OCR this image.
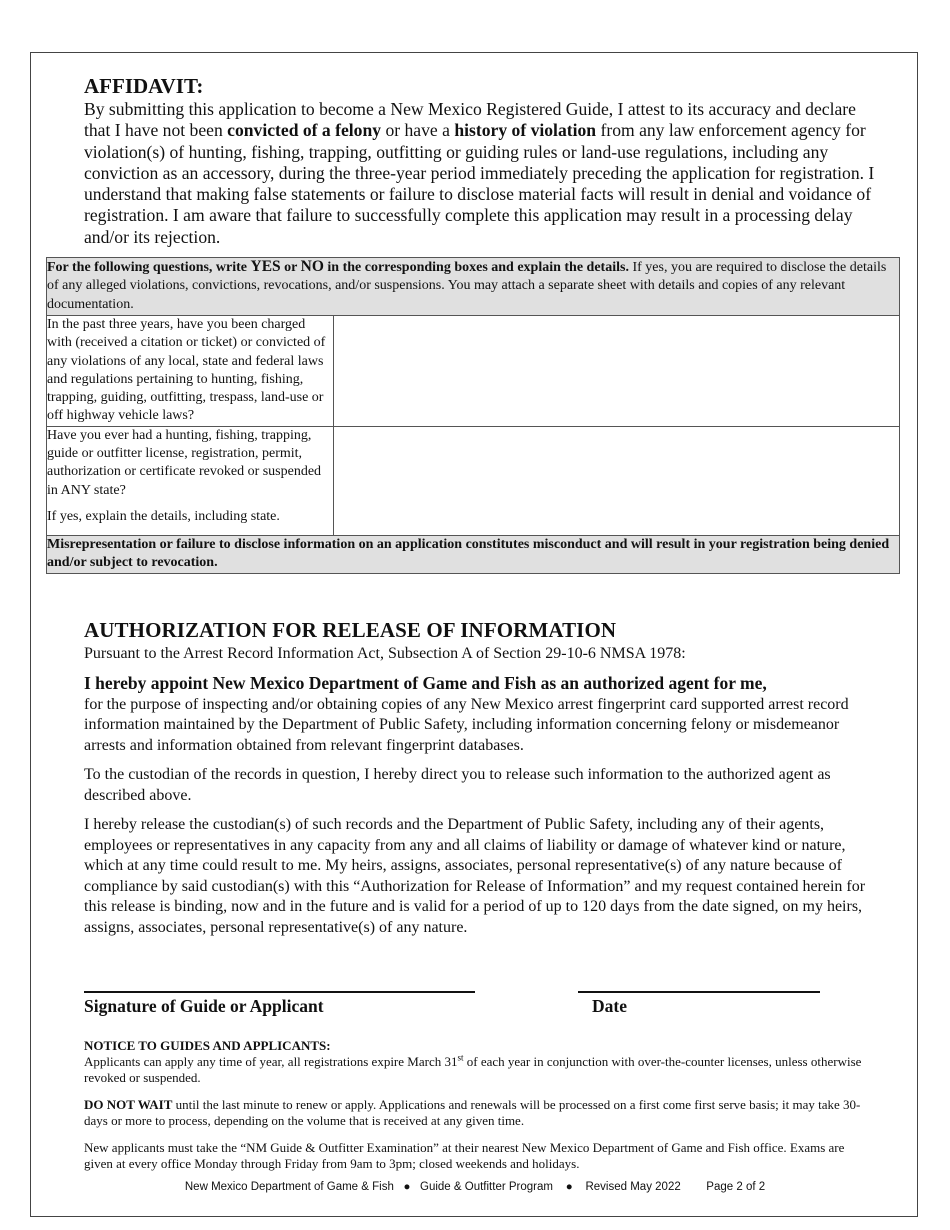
AFFIDAVIT:

By submitting this application to become a New Mexico Registered Guide, I attest to its accuracy and declare that I have not been convicted of a felony or have a history of violation from any law enforcement agency for violation(s) of hunting, fishing, trapping, outfitting or guiding rules or land-use regulations, including any conviction as an accessory, during the three-year period immediately preceding the application for registration. I understand that making false statements or failure to disclose material facts will result in denial and voidance of registration. I am aware that failure to successfully complete this application may result in a processing delay and/or its rejection.

For the following questions, write YES or NO in the corresponding boxes and explain the details. If yes, you are required to disclose the details of any alleged violations, convictions, revocations, and/or suspensions. You may attach a separate sheet with details and copies of any relevant documentation.	
In the past three years, have you been charged with (received a citation or ticket) or convicted of any violations of any local, state and federal laws and regulations pertaining to hunting, fishing, trapping, guiding, outfitting, trespass, land-use or off highway vehicle laws?	
Have you ever had a hunting, fishing, trapping, guide or outfitter license, registration, permit, authorization or certificate revoked or suspended in ANY state?
If yes, explain the details, including state.	

Misrepresentation or failure to disclose information on an application constitutes misconduct and will result in your registration being denied and/or subject to revocation.	
AUTHORIZATION FOR RELEASE OF INFORMATION

Pursuant to the Arrest Record Information Act, Subsection A of Section 29-10-6 NMSA 1978:

I hereby appoint New Mexico Department of Game and Fish as an authorized agent for me,
for the purpose of inspecting and/or obtaining copies of any New Mexico arrest fingerprint card supported arrest record information maintained by the Department of Public Safety, including information concerning felony or misdemeanor arrests and information obtained from relevant fingerprint databases.

To the custodian of the records in question, I hereby direct you to release such information to the authorized agent as described above.

I hereby release the custodian(s) of such records and the Department of Public Safety, including any of their agents, employees or representatives in any capacity from any and all claims of liability or damage of whatever kind or nature, which at any time could result to me. My heirs, assigns, associates, personal representative(s) of any nature because of compliance by said custodian(s) with this “Authorization for Release of Information” and my request contained herein for this release is binding, now and in the future and is valid for a period of up to 120 days from the date signed, on my heirs, assigns, associates, personal representative(s) of any nature.

Signature of Guide or Applicant	Date

NOTICE TO GUIDES AND APPLICANTS:

Applicants can apply any time of year, all registrations expire March 31st of each year in conjunction with over-the-counter licenses, unless otherwise revoked or suspended.

DO NOT WAIT until the last minute to renew or apply. Applications and renewals will be processed on a first come first serve basis; it may take 30-days or more to process, depending on the volume that is received at any given time.

New applicants must take the “NM Guide & Outfitter Examination” at their nearest New Mexico Department of Game and Fish office. Exams are given at every office Monday through Friday from 9am to 3pm; closed weekends and holidays.

New Mexico Department of Game & Fish ● Guide & Outfitter Program ● Revised May 2022 Page 2 of 2
